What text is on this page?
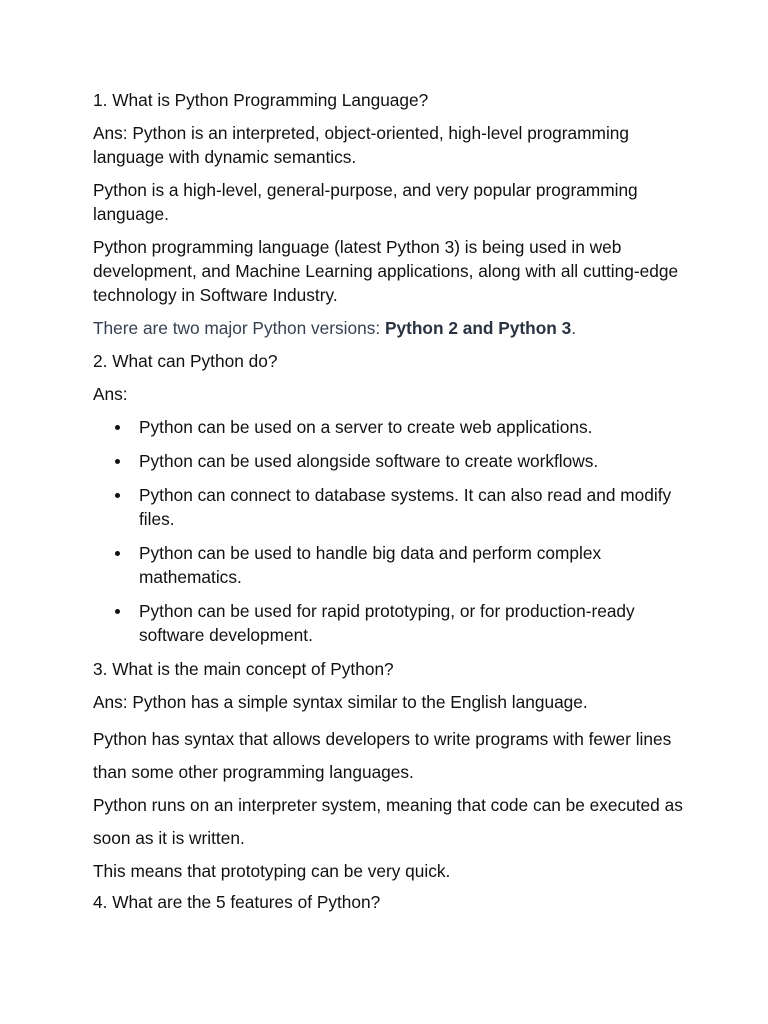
1. What is Python Programming Language?

Ans: Python is an interpreted, object-oriented, high-level programming language with dynamic semantics.

Python is a high-level, general-purpose, and very popular programming language.

Python programming language (latest Python 3) is being used in web development, and Machine Learning applications, along with all cutting-edge technology in Software Industry.

There are two major Python versions: Python 2 and Python 3.

2. What can Python do?

Ans:

Python can be used on a server to create web applications.
Python can be used alongside software to create workflows.
Python can connect to database systems. It can also read and modify files.
Python can be used to handle big data and perform complex mathematics.
Python can be used for rapid prototyping, or for production-ready software development.

3. What is the main concept of Python?

Ans: Python has a simple syntax similar to the English language.

Python has syntax that allows developers to write programs with fewer lines than some other programming languages.

Python runs on an interpreter system, meaning that code can be executed as soon as it is written.

This means that prototyping can be very quick.

4. What are the 5 features of Python?
